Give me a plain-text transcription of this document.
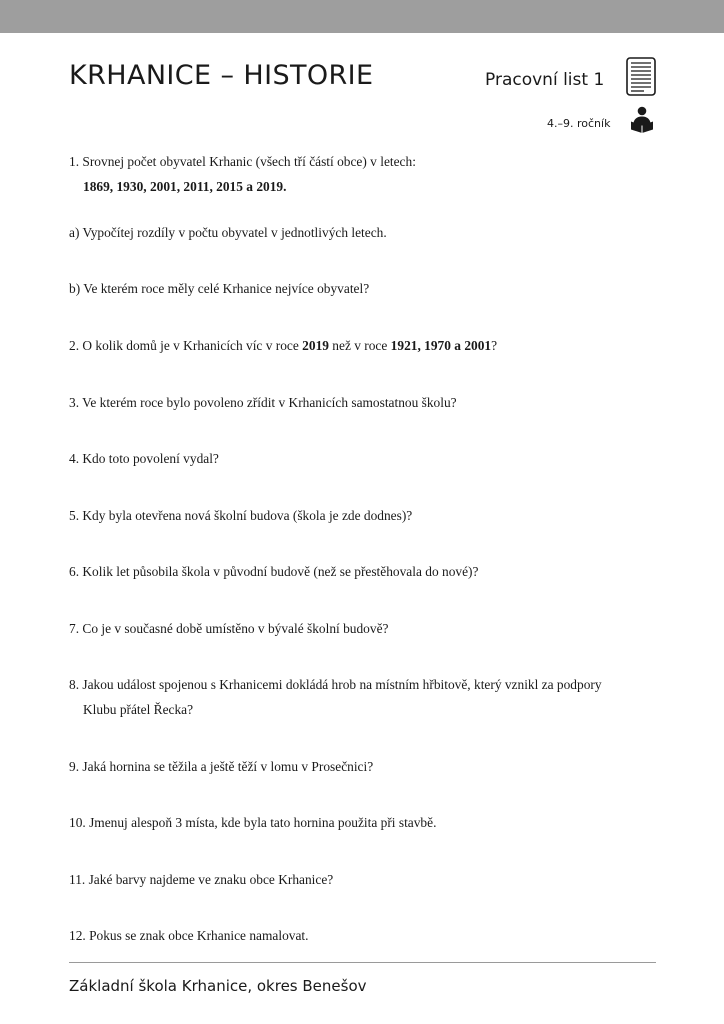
KRHANICE – HISTORIE	Pracovní list 1
4.–9. ročník
1. Srovnej počet obyvatel Krhanic (všech tří částí obce) v letech:
1869, 1930, 2001, 2011, 2015 a 2019.

a) Vypočítej rozdíly v počtu obyvatel v jednotlivých letech.

b) Ve kterém roce měly celé Krhanice nejvíce obyvatel?

2. O kolik domů je v Krhanicích víc v roce 2019 než v roce 1921, 1970 a 2001?

3. Ve kterém roce bylo povoleno zřídit v Krhanicích samostatnou školu?

4. Kdo toto povolení vydal?

5. Kdy byla otevřena nová školní budova (škola je zde dodnes)?

6. Kolik let působila škola v původní budově (než se přestěhovala do nové)?

7. Co je v současné době umístěno v bývalé školní budově?

8. Jakou událost spojenou s Krhanicemi dokládá hrob na místním hřbitově, který vznikl za podpory
Klubu přátel Řecka?

9. Jaká hornina se těžila a ještě těží v lomu v Prosečnici?

10. Jmenuj alespoň 3 místa, kde byla tato hornina použita při stavbě.

11. Jaké barvy najdeme ve znaku obce Krhanice?

12. Pokus se znak obce Krhanice namalovat.

Základní škola Krhanice, okres Benešov
